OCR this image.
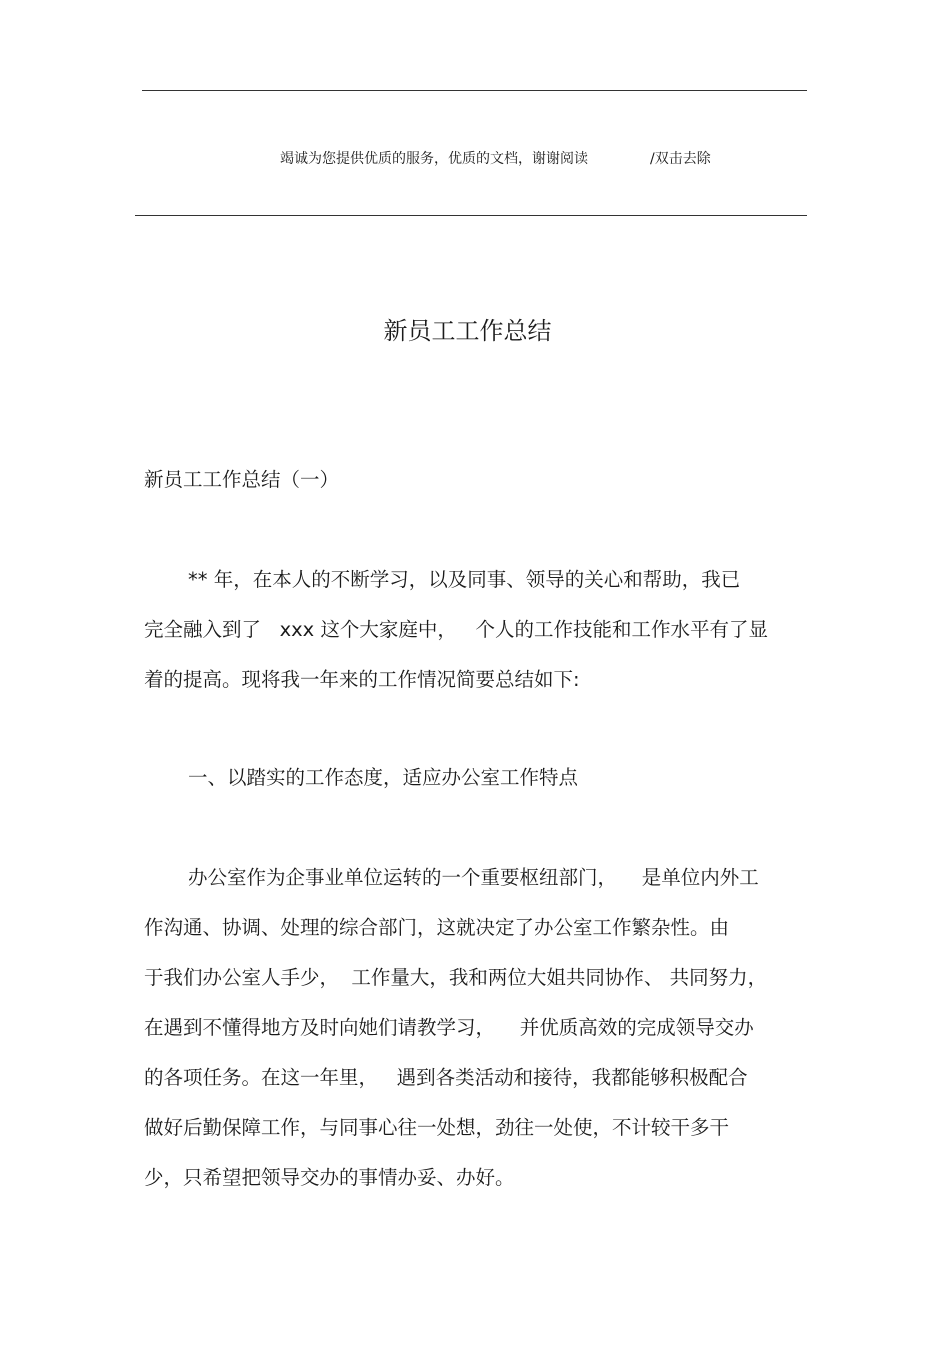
竭诚为您提供优质的服务，优质的文档，谢谢阅读	/双击去除
新员工工作总结
新员工工作总结（一）
** 年，在本人的不断学习，以及同事、领导的关心和帮助，我已
完全融入到了   xxx 这个大家庭中，   个人的工作技能和工作水平有了显
着的提高。现将我一年来的工作情况简要总结如下:
一、以踏实的工作态度，适应办公室工作特点
办公室作为企事业单位运转的一个重要枢纽部门，    是单位内外工
作沟通、协调、处理的综合部门，这就决定了办公室工作繁杂性。由
于我们办公室人手少，  工作量大，我和两位大姐共同协作、 共同努力，
在遇到不懂得地方及时向她们请教学习，    并优质高效的完成领导交办
的各项任务。在这一年里，   遇到各类活动和接待，我都能够积极配合
做好后勤保障工作，与同事心往一处想，劲往一处使，不计较干多干
少，只希望把领导交办的事情办妥、办好。
